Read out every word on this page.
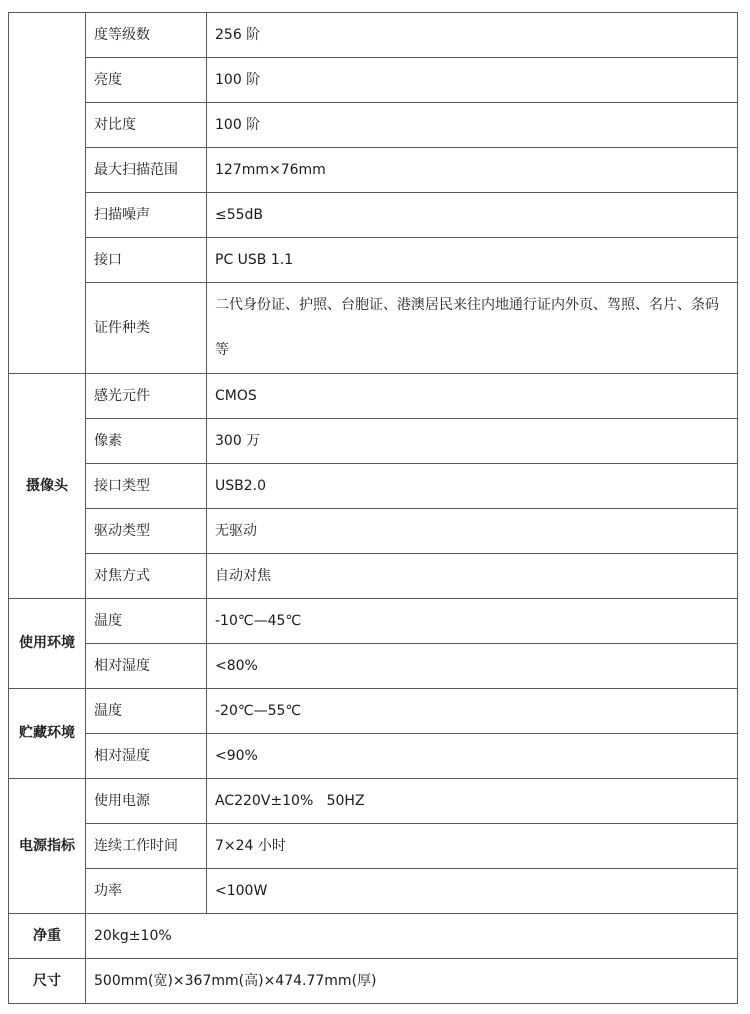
	度等级数	256 阶
	亮度	100 阶
	对比度	100 阶
	最大扫描范围	127mm×76mm
	扫描噪声	≤55dB
	接口	PC USB 1.1
	证件种类	二代身份证、护照、台胞证、港澳居民来往内地通行证内外页、驾照、名片、条码等
摄像头	感光元件	CMOS
	像素	300 万
	接口类型	USB2.0
	驱动类型	无驱动
	对焦方式	自动对焦
使用环境	温度	-10℃—45℃
	相对湿度	<80%
贮藏环境	温度	-20℃—55℃
	相对湿度	<90%
电源指标	使用电源	AC220V±10%   50HZ
	连续工作时间	7×24 小时
	功率	<100W
净重	20kg±10%	
尺寸	500mm(宽)×367mm(高)×474.77mm(厚)	
